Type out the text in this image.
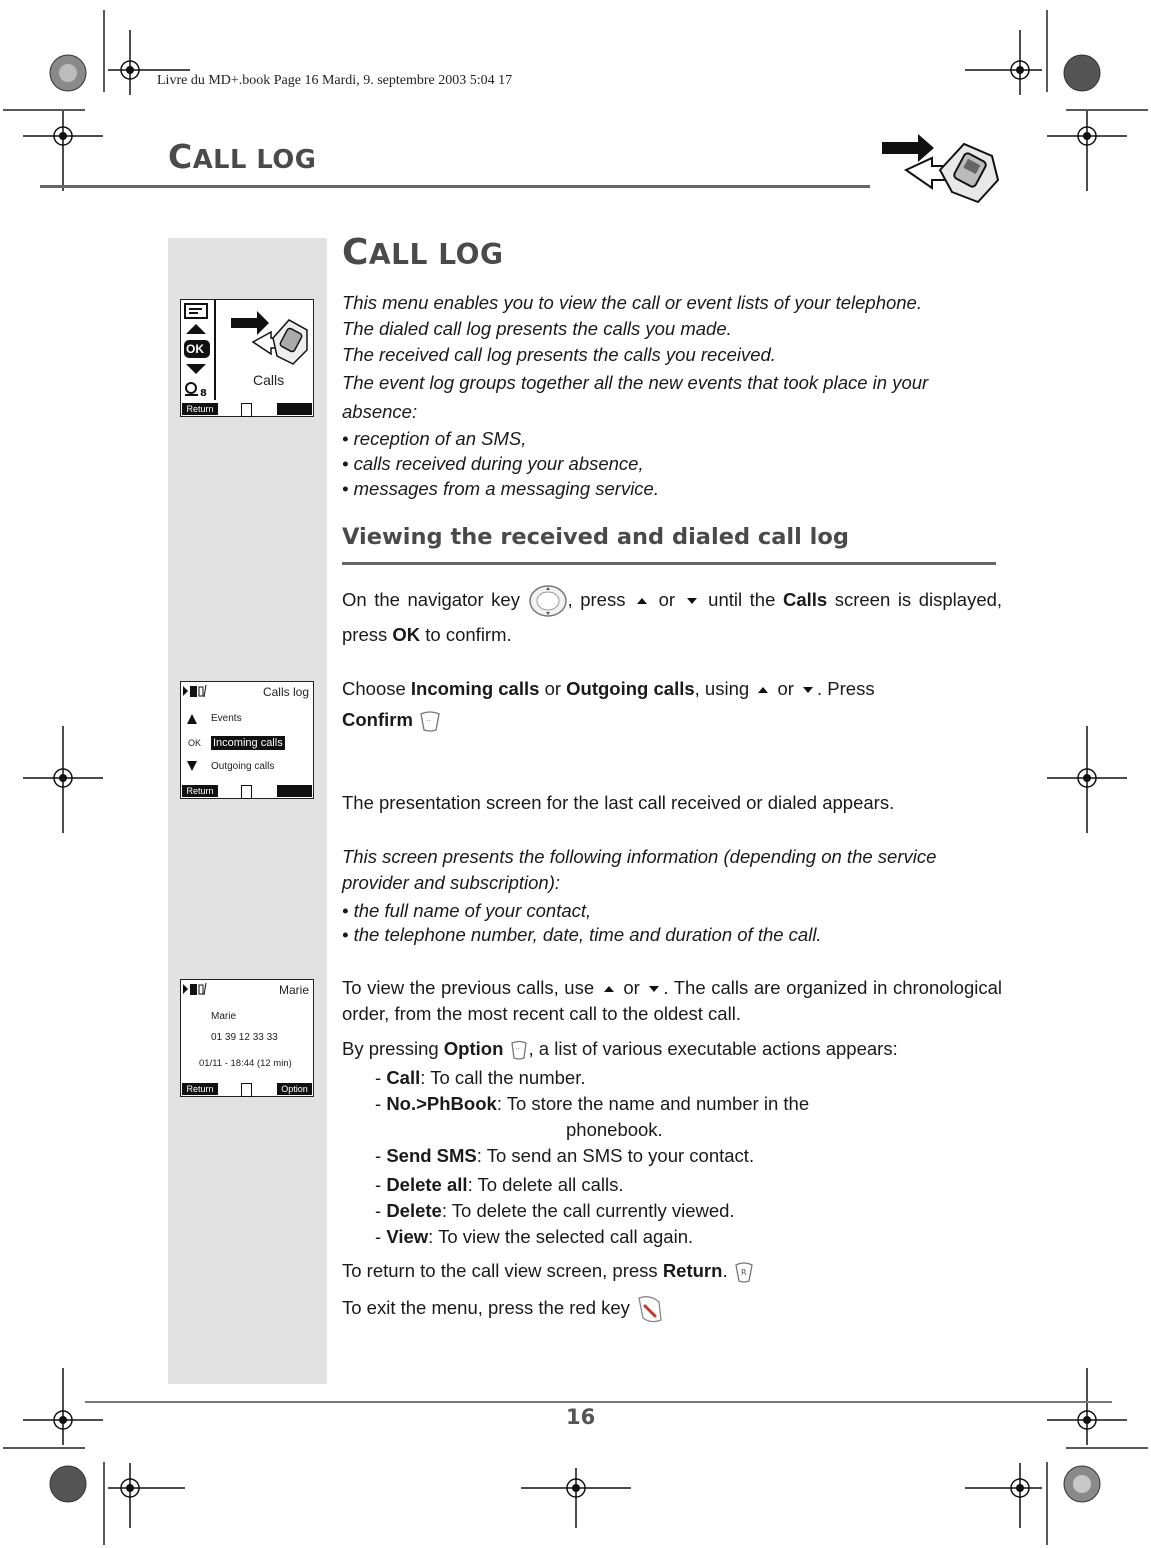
Livre du MD+.book Page 16 Mardi, 9. septembre 2003 5:04 17
CALL LOG
8
OK
Calls
Return
Calls log
Events
OK Incoming calls
Outgoing calls
Return
Marie
Marie
01 39 12 33 33
01/11 - 18:44 (12 min)
Return	Option
CALL LOG

This menu enables you to view the call or event lists of your telephone.

The dialed call log presents the calls you made.

The received call log presents the calls you received.

The event log groups together all the new events that took place in your absence:

• reception of an SMS,

• calls received during your absence,

• messages from a messaging service.

Viewing the received and dialed call log
On the navigator key	, press or until the Calls screen is displayed, press OK to confirm.
Choose Incoming calls or Outgoing calls, using or . Press
Confirm ··
The presentation screen for the last call received or dialed appears.

This screen presents the following information (depending on the service provider and subscription):

• the full name of your contact,

• the telephone number, date, time and duration of the call.

To view the previous calls, use or . The calls are organized in chronological order, from the most recent call to the oldest call.
By pressing Option ·· , a list of various executable actions appears:
- Call: To call the number.
- No.>PhBook: To store the name and number in the
phonebook.
- Send SMS: To send an SMS to your contact.
- Delete all: To delete all calls.
- Delete: To delete the call currently viewed.
- View: To view the selected call again.
To return to the call view screen, press Return. R
To exit the menu, press the red key
16
